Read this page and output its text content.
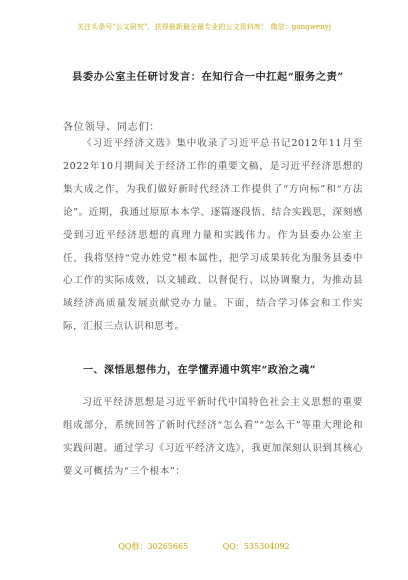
关注头条号"公文研究"，获得最新最全最专业的公文资料库！ 微信：gongwenyj
县委办公室主任研讨发言：在知行合一中扛起“服务之责”
各位领导、同志们：
《习近平经济文选》集中收录了习近平总书记2012年11月至2022年10月期间关于经济工作的重要文稿，是习近平经济思想的集大成之作，为我们做好新时代经济工作提供了“方向标”和“方法论”。近期，我通过原原本本学、逐篇逐段悟、结合实践思，深刻感受到习近平经济思想的真理力量和实践伟力。作为县委办公室主任，我将坚持“党办姓党”根本属性，把学习成果转化为服务县委中心工作的实际成效，以文辅政、以督促行、以协调聚力，为推动县域经济高质量发展贡献党办力量。下面，结合学习体会和工作实际，汇报三点认识和思考。
一、深悟思想伟力，在学懂弄通中筑牢“政治之魂”
习近平经济思想是习近平新时代中国特色社会主义思想的重要组成部分，系统回答了新时代经济“怎么看”“怎么干”等重大理论和实践问题。通过学习《习近平经济文选》，我更加深刻认识到其核心要义可概括为“三个根本”：
QQ群：30265665	QQ：535304092
